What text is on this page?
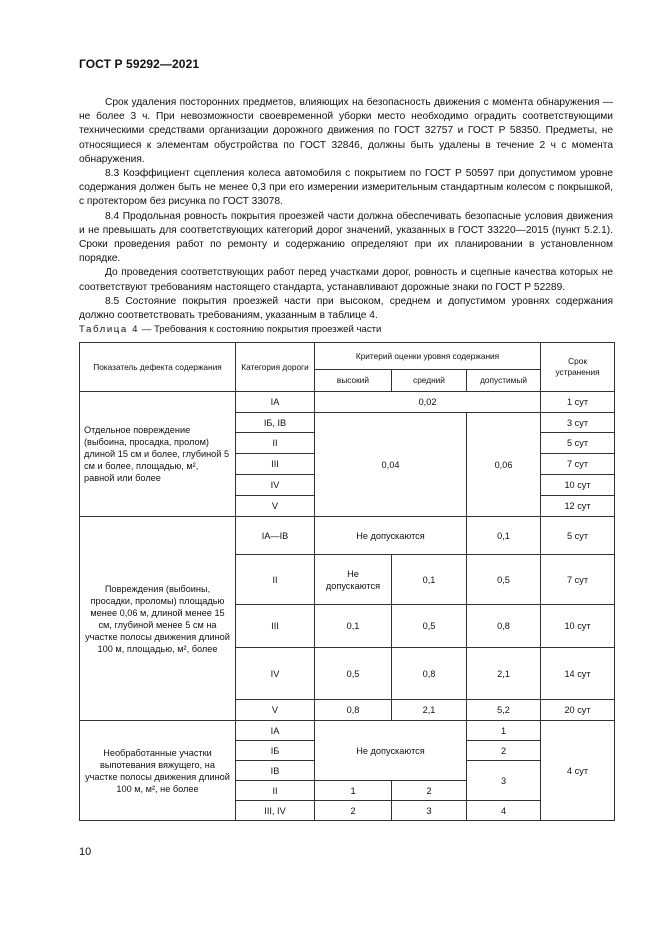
ГОСТ Р 59292—2021

Срок удаления посторонних предметов, влияющих на безопасность движения с момента обнаружения — не более 3 ч. При невозможности своевременной уборки место необходимо оградить соответствующими техническими средствами организации дорожного движения по ГОСТ 32757 и ГОСТ Р 58350. Предметы, не относящиеся к элементам обустройства по ГОСТ 32846, должны быть удалены в течение 2 ч с момента обнаружения.

8.3 Коэффициент сцепления колеса автомобиля с покрытием по ГОСТ Р 50597 при допустимом уровне содержания должен быть не менее 0,3 при его измерении измерительным стандартным колесом с покрышкой, с протектором без рисунка по ГОСТ 33078.

8.4 Продольная ровность покрытия проезжей части должна обеспечивать безопасные условия движения и не превышать для соответствующих категорий дорог значений, указанных в ГОСТ 33220—2015 (пункт 5.2.1). Сроки проведения работ по ремонту и содержанию определяют при их планировании в установленном порядке.

До проведения соответствующих работ перед участками дорог, ровность и сцепные качества которых не соответствуют требованиям настоящего стандарта, устанавливают дорожные знаки по ГОСТ Р 52289.

8.5 Состояние покрытия проезжей части при высоком, среднем и допустимом уровнях содержания должно соответствовать требованиям, указанным в таблице 4.

Таблица 4 — Требования к состоянию покрытия проезжей части
Показатель дефекта содержания	Категория дороги	Критерий оценки уровня содержания			Срок устранения
		высокий	средний	допустимый	
Отдельное повреждение (выбоина, просадка, пролом) длиной 15 см и более, глубиной 5 см и более, площадью, м², равной или более	IA	0,02			1 сут
	IБ, IВ	0,04		0,06	3 сут
	II				5 сут
	III				7 сут
	IV				10 сут
	V				12 сут
Повреждения (выбоины, просадки, проломы) площадью менее 0,06 м, длиной менее 15 см, глубиной менее 5 см на участке полосы движения длиной 100 м, площадью, м², более	IA—IB	Не допускаются		0,1	5 сут
	II	Не допускаются	0,1	0,5	7 сут
	III	0,1	0,5	0,8	10 сут
	IV	0,5	0,8	2,1	14 сут
	V	0,8	2,1	5,2	20 сут
Необработанные участки выпотевания вяжущего, на участке полосы движения длиной 100 м, м², не более	IA	Не допускаются		1	4 сут
	IБ			2	
	IВ			3	
	II	1	2		
	III, IV	2	3	4	
10
